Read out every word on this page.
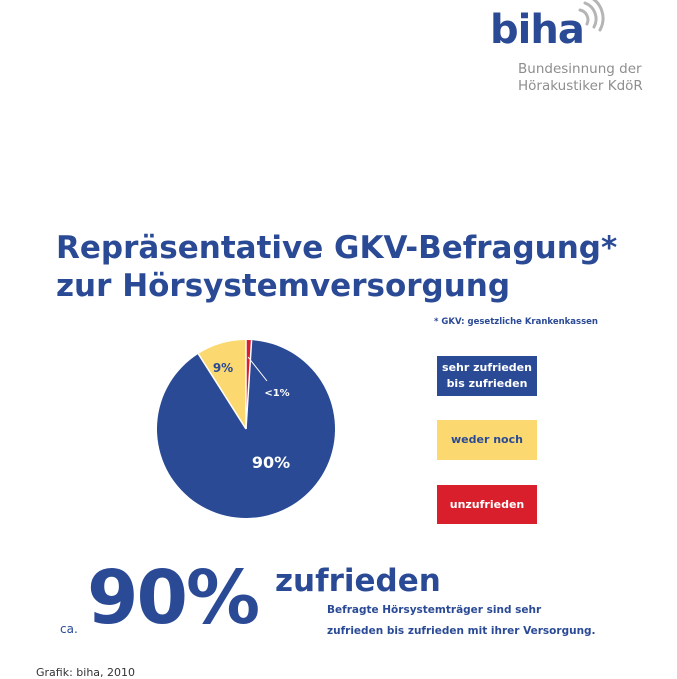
biha
Bundesinnung der
Hörakustiker KdöR
Repräsentative GKV-Befragung*
zur Hörsystemversorgung
* GKV: gesetzliche Krankenkassen
90%
9%
<1%
sehr zufrieden
bis zufrieden
weder noch
unzufrieden
ca. 90% zufrieden
Befragte Hörsystemträger sind sehr
zufrieden bis zufrieden mit ihrer Versorgung.
Grafik: biha, 2010
